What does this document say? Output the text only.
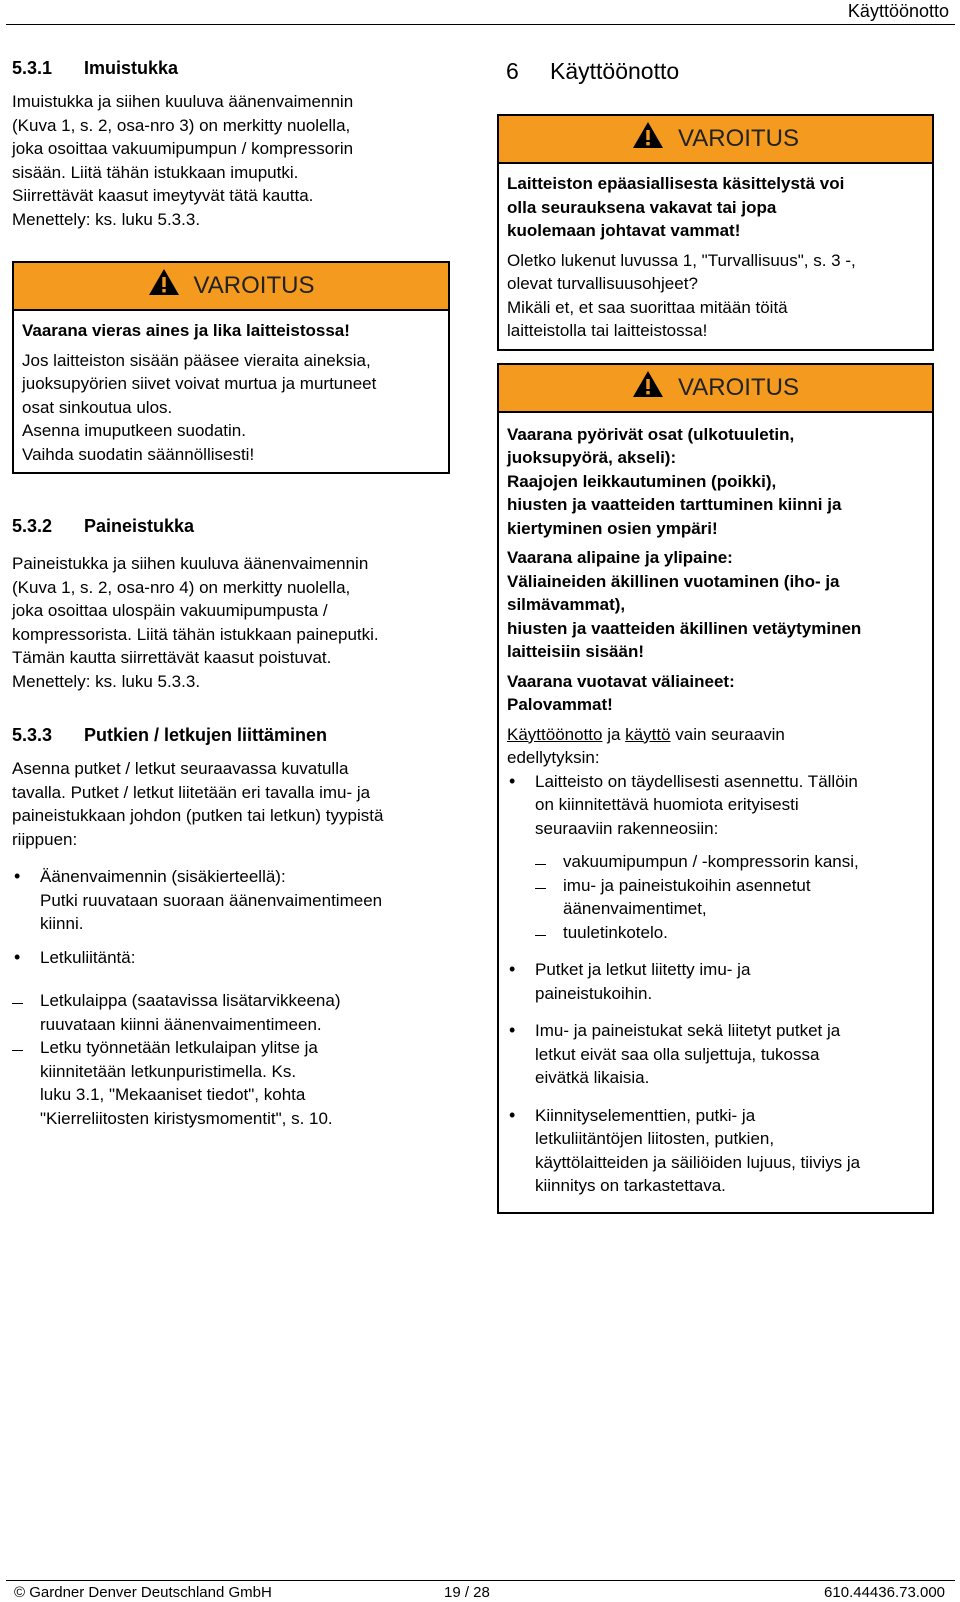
Käyttöönotto
5.3.1 Imuistukka

Imuistukka ja siihen kuuluva äänenvaimennin

(Kuva 1, s. 2, osa-nro 3) on merkitty nuolella,

joka osoittaa vakuumipumpun / kompressorin

sisään. Liitä tähän istukkaan imuputki.

Siirrettävät kaasut imeytyvät tätä kautta.

Menettely: ks. luku 5.3.3.

VAROITUS

Vaarana vieras aines ja lika laitteistossa!

Jos laitteiston sisään pääsee vieraita aineksia,

juoksupyörien siivet voivat murtua ja murtuneet

osat sinkoutua ulos.

Asenna imuputkeen suodatin.

Vaihda suodatin säännöllisesti!

5.3.2 Paineistukka

Paineistukka ja siihen kuuluva äänenvaimennin

(Kuva 1, s. 2, osa-nro 4) on merkitty nuolella,

joka osoittaa ulospäin vakuumipumpusta /

kompressorista. Liitä tähän istukkaan paineputki.

Tämän kautta siirrettävät kaasut poistuvat.

Menettely: ks. luku 5.3.3.

5.3.3 Putkien / letkujen liittäminen

Asenna putket / letkut seuraavassa kuvatulla

tavalla. Putket / letkut liitetään eri tavalla imu- ja

paineistukkaan johdon (putken tai letkun) tyypistä

riippuen:

• Äänenvaimennin (sisäkierteellä):

Putki ruuvataan suoraan äänenvaimentimeen

kiinni.

• Letkuliitäntä:

Letkulaippa (saatavissa lisätarvikkeena)

ruuvataan kiinni äänenvaimentimeen.

Letku työnnetään letkulaipan ylitse ja

kiinnitetään letkunpuristimella. Ks.

luku 3.1, "Mekaaniset tiedot", kohta

"Kierreliitosten kiristysmomentit", s. 10.

6 Käyttöönotto
VAROITUS

Laitteiston epäasiallisesta käsittelystä voi

olla seurauksena vakavat tai jopa

kuolemaan johtavat vammat!

Oletko lukenut luvussa 1, "Turvallisuus", s. 3 -,

olevat turvallisuusohjeet?

Mikäli et, et saa suorittaa mitään töitä

laitteistolla tai laitteistossa!

VAROITUS

Vaarana pyörivät osat (ulkotuuletin,

juoksupyörä, akseli):

Raajojen leikkautuminen (poikki),

hiusten ja vaatteiden tarttuminen kiinni ja

kiertyminen osien ympäri!

Vaarana alipaine ja ylipaine:

Väliaineiden äkillinen vuotaminen (iho- ja

silmävammat),

hiusten ja vaatteiden äkillinen vetäytyminen

laitteisiin sisään!

Vaarana vuotavat väliaineet:

Palovammat!

Käyttöönotto ja käyttö vain seuraavin

edellytyksin:

• Laitteisto on täydellisesti asennettu. Tällöin

on kiinnitettävä huomiota erityisesti

seuraaviin rakenneosiin:

vakuumipumpun / -kompressorin kansi,

imu- ja paineistukoihin asennetut

äänenvaimentimet,

tuuletinkotelo.

• Putket ja letkut liitetty imu- ja

paineistukoihin.

• Imu- ja paineistukat sekä liitetyt putket ja

letkut eivät saa olla suljettuja, tukossa

eivätkä likaisia.

• Kiinnityselementtien, putki- ja

letkuliitäntöjen liitosten, putkien,

käyttölaitteiden ja säiliöiden lujuus, tiiviys ja

kiinnitys on tarkastettava.

© Gardner Denver Deutschland GmbH	19 / 28	610.44436.73.000
